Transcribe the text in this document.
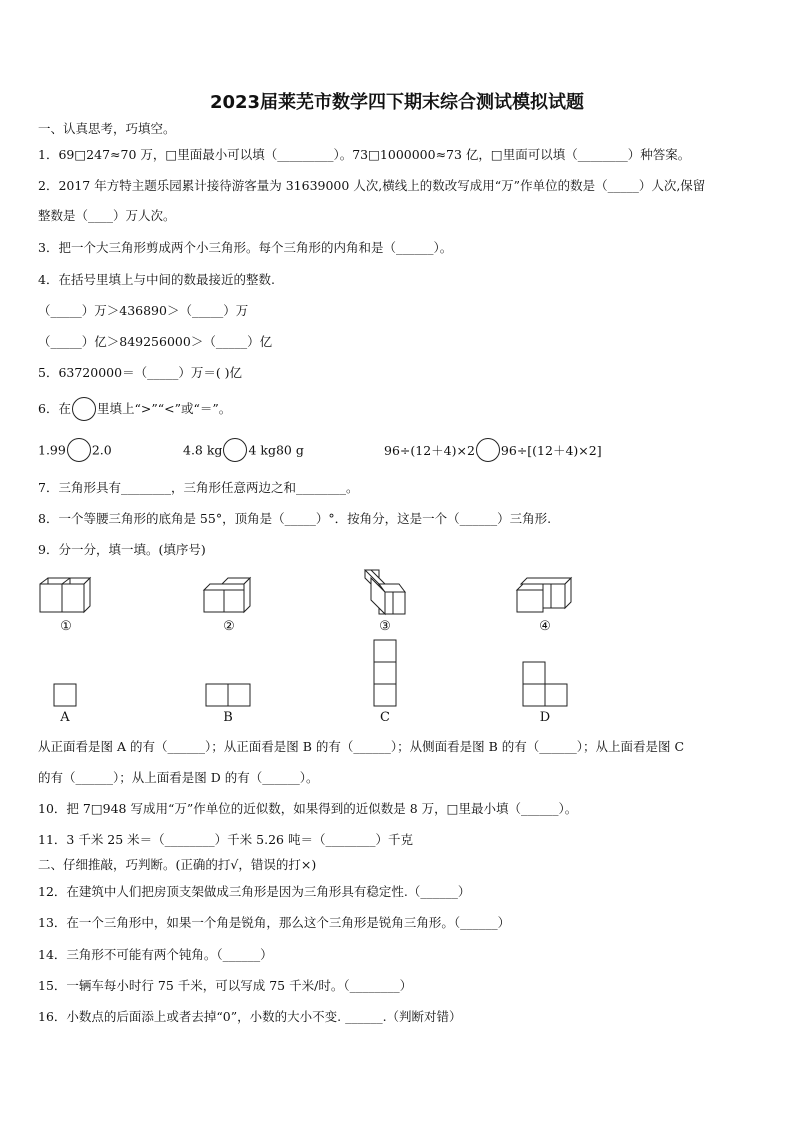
2023届莱芜市数学四下期末综合测试模拟试题
一、认真思考，巧填空。
1．69□247≈70 万，□里面最小可以填（_________）。73□1000000≈73 亿，□里面可以填（________）种答案。
2．2017 年方特主题乐园累计接待游客量为 31639000 人次,横线上的数改写成用“万”作单位的数是（_____）人次,保留
整数是（____）万人次。
3．把一个大三角形剪成两个小三角形。每个三角形的内角和是（______）。
4．在括号里填上与中间的数最接近的整数.
（_____）万＞436890＞（_____）万
（_____）亿＞849256000＞（_____）亿
5．63720000＝（_____）万＝( )亿
6．在 里填上“>”“<”或“＝”。
1.99 2.0	4.8 kg 4 kg80 g	96÷(12＋4)×2 96÷[(12＋4)×2]
7．三角形具有________，三角形任意两边之和________。
8．一个等腰三角形的底角是 55°，顶角是（_____）°．按角分，这是一个（______）三角形.
9．分一分，填一填。(填序号)
①	②	③	④
A	B	C	D
从正面看是图 A 的有（______）；从正面看是图 B 的有（______）；从侧面看是图 B 的有（______）；从上面看是图 C
的有（______）；从上面看是图 D 的有（______）。
10．把 7□948 写成用“万”作单位的近似数，如果得到的近似数是 8 万，□里最小填（______）。
11．3 千米 25 米＝（________）千米 5.26 吨＝（________）千克
二、仔细推敲，巧判断。(正确的打√，错误的打×)
12．在建筑中人们把房顶支架做成三角形是因为三角形具有稳定性.（______）
13．在一个三角形中，如果一个角是锐角，那么这个三角形是锐角三角形。（______）
14．三角形不可能有两个钝角。（______）
15．一辆车每小时行 75 千米，可以写成 75 千米/时。（________）
16．小数点的后面添上或者去掉“0”，小数的大小不变. ______.（判断对错）
